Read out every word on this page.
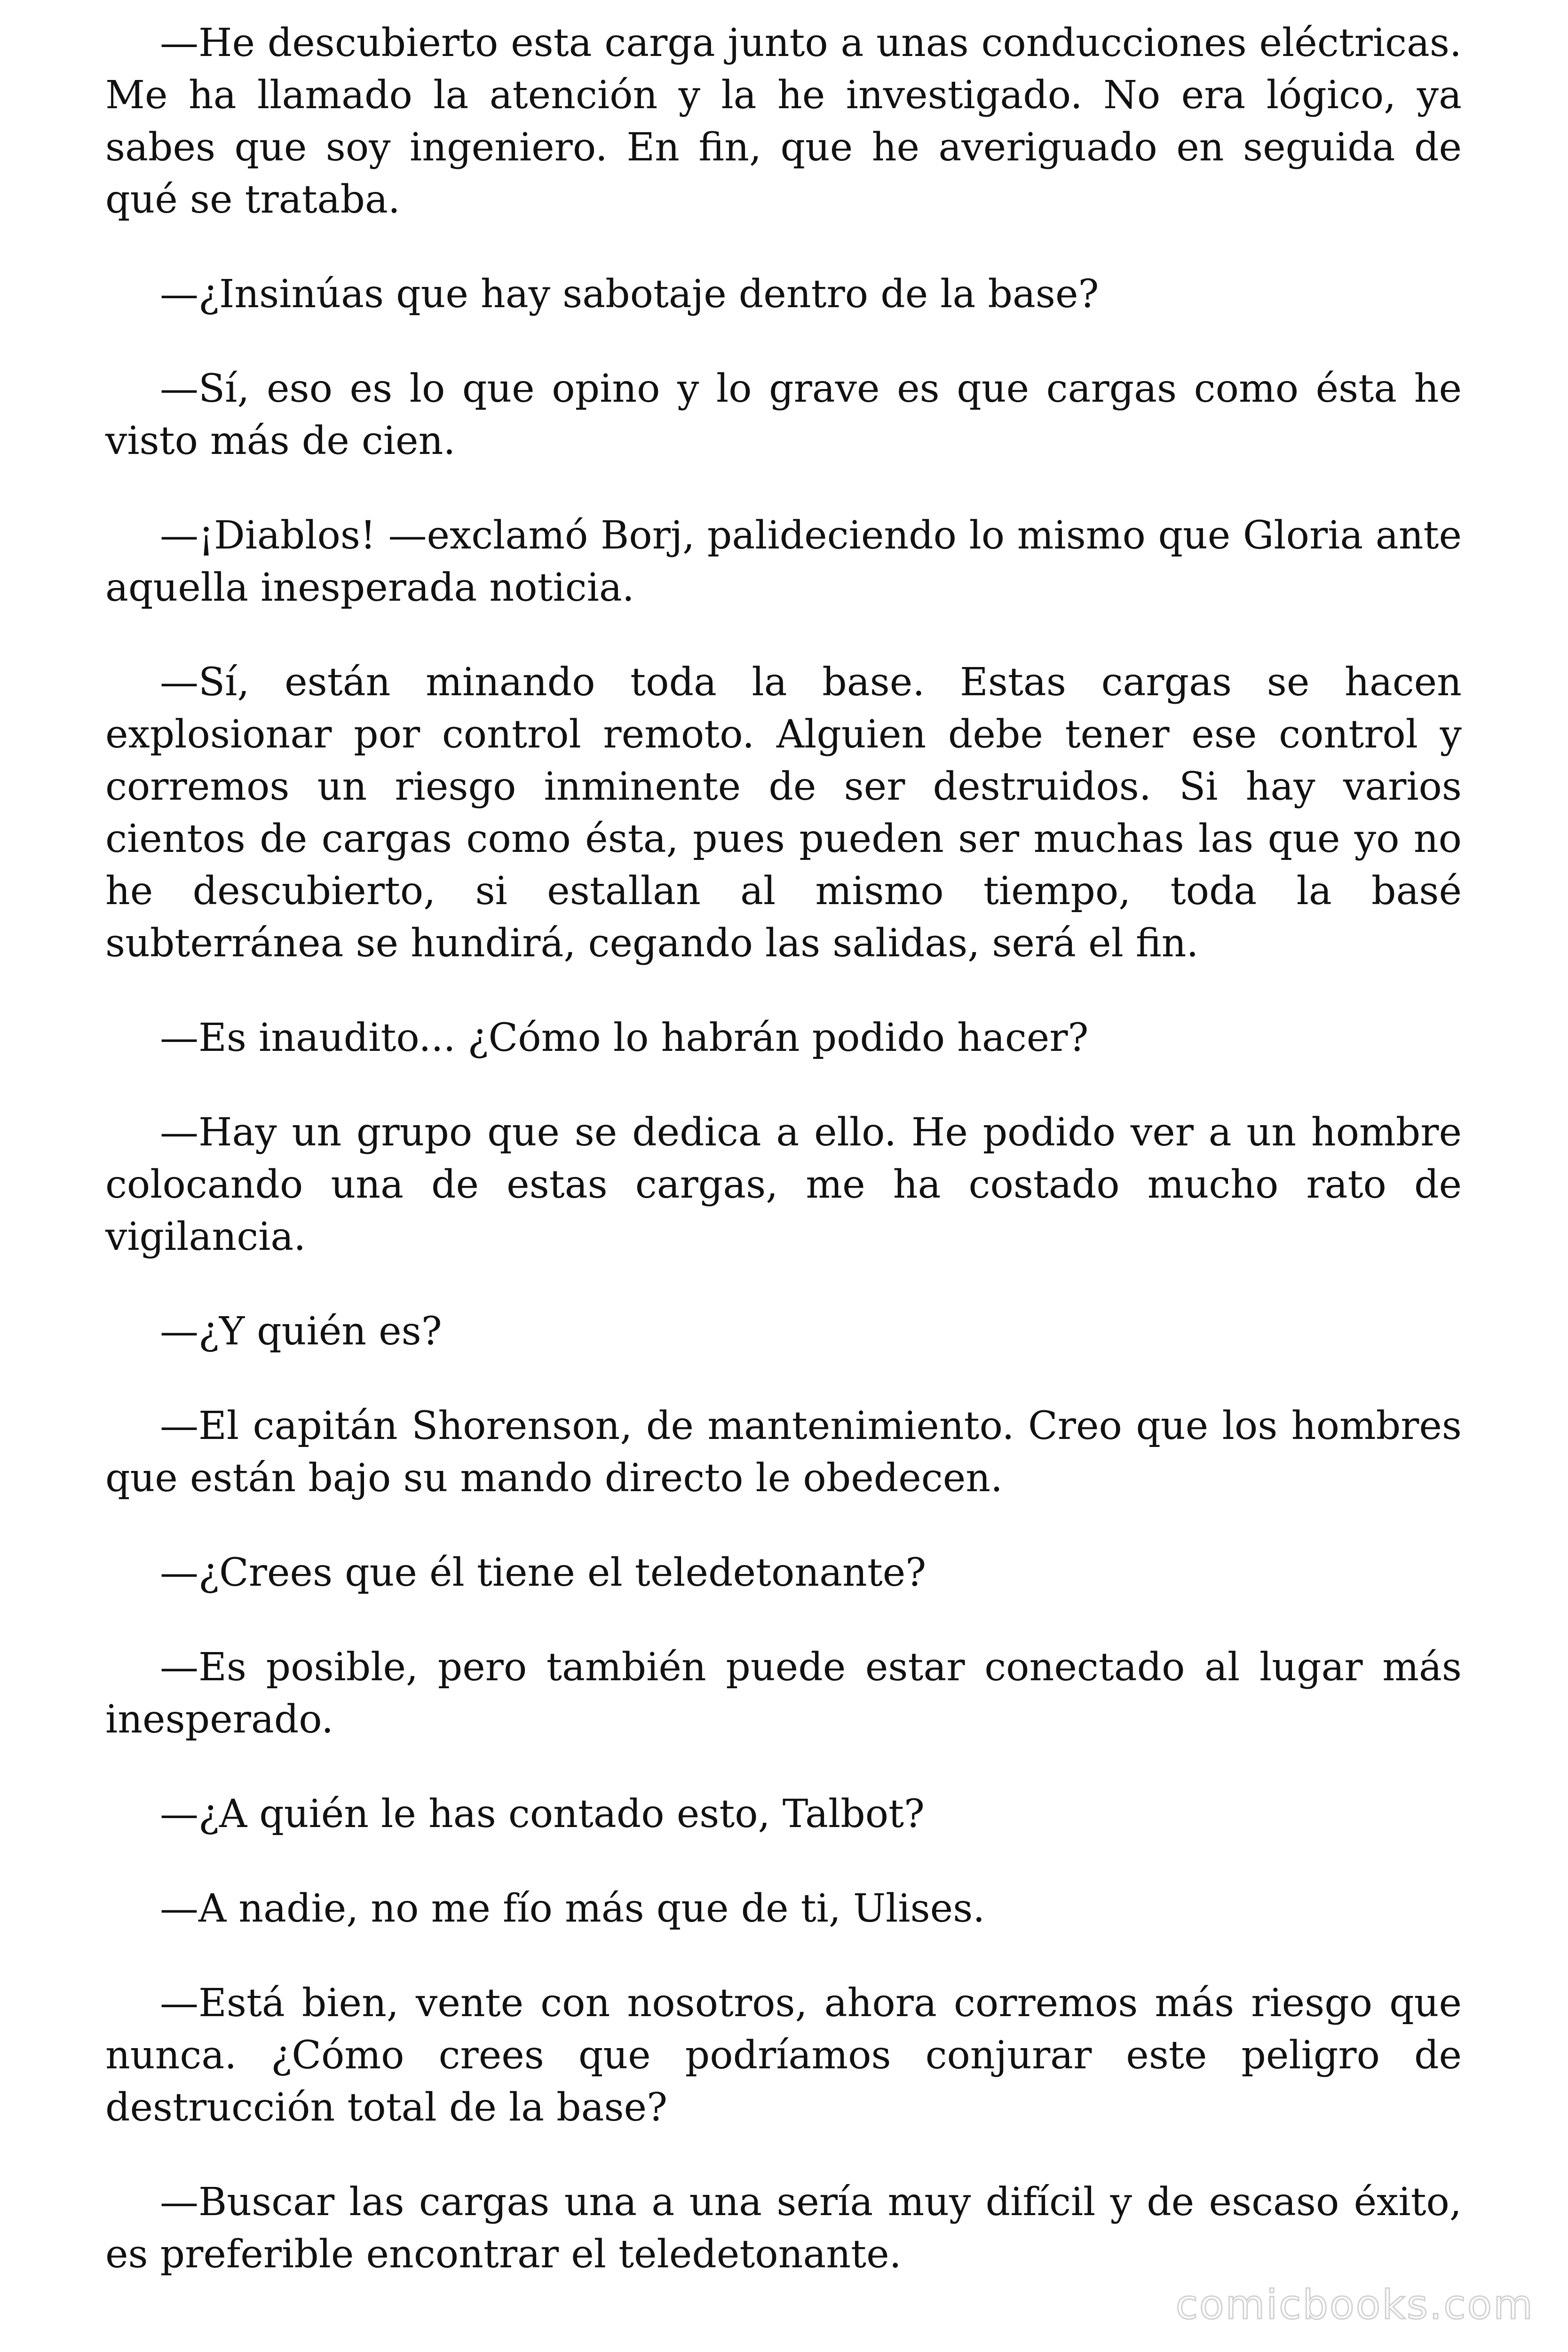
—He descubierto esta carga junto a unas conducciones eléctricas. Me ha llamado la atención y la he investigado. No era lógico, ya sabes que soy ingeniero. En fin, que he averiguado en seguida de qué se trataba.

—¿Insinúas que hay sabotaje dentro de la base?

—Sí, eso es lo que opino y lo grave es que cargas como ésta he visto más de cien.

—¡Diablos! —exclamó Borj, palideciendo lo mismo que Gloria ante aquella inesperada noticia.

—Sí, están minando toda la base. Estas cargas se hacen explosionar por control remoto. Alguien debe tener ese control y corremos un riesgo inminente de ser destruidos. Si hay varios cientos de cargas como ésta, pues pueden ser muchas las que yo no he descubierto, si estallan al mismo tiempo, toda la basé subterránea se hundirá, cegando las salidas, será el fin.

—Es inaudito... ¿Cómo lo habrán podido hacer?

—Hay un grupo que se dedica a ello. He podido ver a un hombre colocando una de estas cargas, me ha costado mucho rato de vigilancia.

—¿Y quién es?

—El capitán Shorenson, de mantenimiento. Creo que los hombres que están bajo su mando directo le obedecen.

—¿Crees que él tiene el teledetonante?

—Es posible, pero también puede estar conectado al lugar más inesperado.

—¿A quién le has contado esto, Talbot?

—A nadie, no me fío más que de ti, Ulises.

—Está bien, vente con nosotros, ahora corremos más riesgo que nunca. ¿Cómo crees que podríamos conjurar este peligro de destrucción total de la base?

—Buscar las cargas una a una sería muy difícil y de escaso éxito, es preferible encontrar el teledetonante.

comicbooks.com
